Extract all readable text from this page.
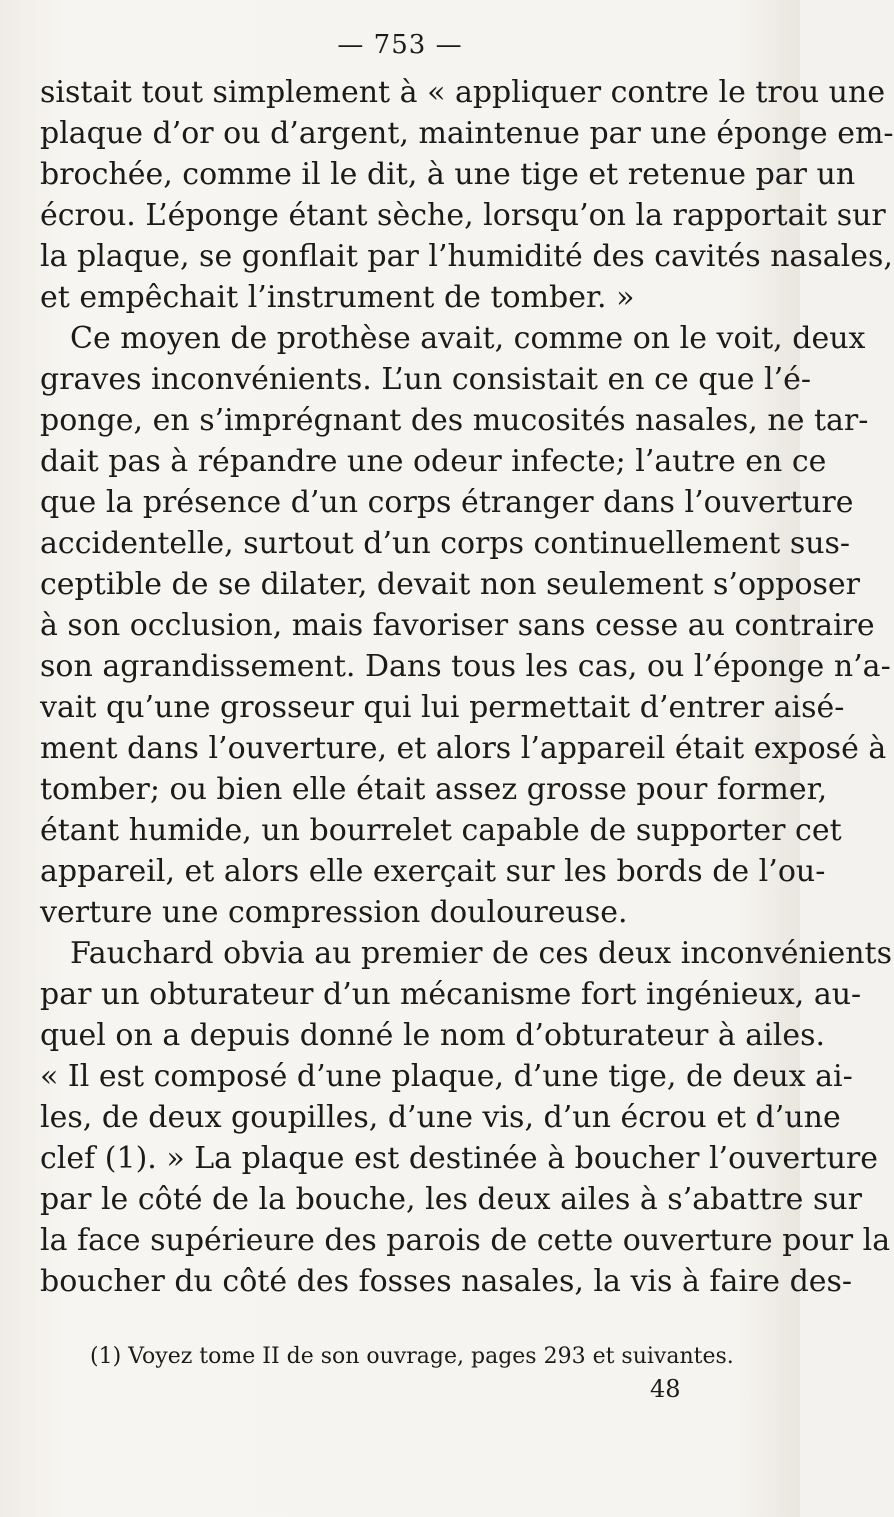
— 753 —
sistait tout simplement à « appliquer contre le trou une
plaque d’or ou d’argent, maintenue par une éponge em-
brochée, comme il le dit, à une tige et retenue par un
écrou. L’éponge étant sèche, lorsqu’on la rapportait sur
la plaque, se gonflait par l’humidité des cavités nasales,
et empêchait l’instrument de tomber. »
Ce moyen de prothèse avait, comme on le voit, deux
graves inconvénients. L’un consistait en ce que l’é-
ponge, en s’imprégnant des mucosités nasales, ne tar-
dait pas à répandre une odeur infecte; l’autre en ce
que la présence d’un corps étranger dans l’ouverture
accidentelle, surtout d’un corps continuellement sus-
ceptible de se dilater, devait non seulement s’opposer
à son occlusion, mais favoriser sans cesse au contraire
son agrandissement. Dans tous les cas, ou l’éponge n’a-
vait qu’une grosseur qui lui permettait d’entrer aisé-
ment dans l’ouverture, et alors l’appareil était exposé à
tomber; ou bien elle était assez grosse pour former,
étant humide, un bourrelet capable de supporter cet
appareil, et alors elle exerçait sur les bords de l’ou-
verture une compression douloureuse.
Fauchard obvia au premier de ces deux inconvénients
par un obturateur d’un mécanisme fort ingénieux, au-
quel on a depuis donné le nom d’obturateur à ailes.
« Il est composé d’une plaque, d’une tige, de deux ai-
les, de deux goupilles, d’une vis, d’un écrou et d’une
clef (1). » La plaque est destinée à boucher l’ouverture
par le côté de la bouche, les deux ailes à s’abattre sur
la face supérieure des parois de cette ouverture pour la
boucher du côté des fosses nasales, la vis à faire des-
(1) Voyez tome II de son ouvrage, pages 293 et suivantes.
48
